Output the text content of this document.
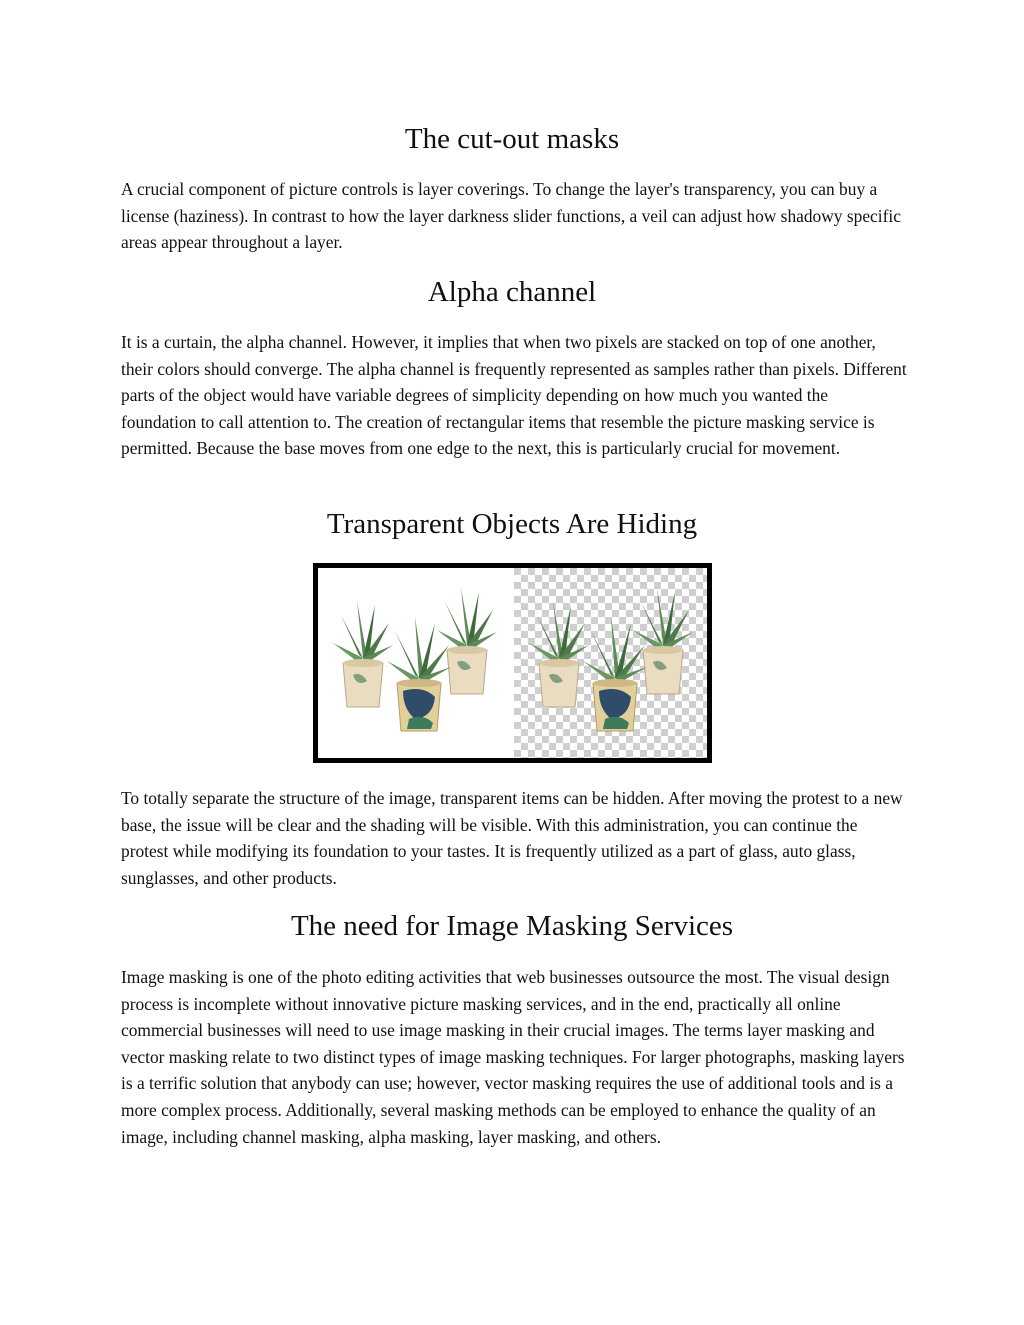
The cut-out masks

A crucial component of picture controls is layer coverings. To change the layer's transparency, you can buy a license (haziness). In contrast to how the layer darkness slider functions, a veil can adjust how shadowy specific areas appear throughout a layer.

Alpha channel

It is a curtain, the alpha channel. However, it implies that when two pixels are stacked on top of one another, their colors should converge. The alpha channel is frequently represented as samples rather than pixels. Different parts of the object would have variable degrees of simplicity depending on how much you wanted the foundation to call attention to. The creation of rectangular items that resemble the picture masking service is permitted. Because the base moves from one edge to the next, this is particularly crucial for movement.

Transparent Objects Are Hiding

To totally separate the structure of the image, transparent items can be hidden. After moving the protest to a new base, the issue will be clear and the shading will be visible. With this administration, you can continue the protest while modifying its foundation to your tastes. It is frequently utilized as a part of glass, auto glass, sunglasses, and other products.

The need for Image Masking Services

Image masking is one of the photo editing activities that web businesses outsource the most. The visual design process is incomplete without innovative picture masking services, and in the end, practically all online commercial businesses will need to use image masking in their crucial images. The terms layer masking and vector masking relate to two distinct types of image masking techniques. For larger photographs, masking layers is a terrific solution that anybody can use; however, vector masking requires the use of additional tools and is a more complex process. Additionally, several masking methods can be employed to enhance the quality of an image, including channel masking, alpha masking, layer masking, and others.
